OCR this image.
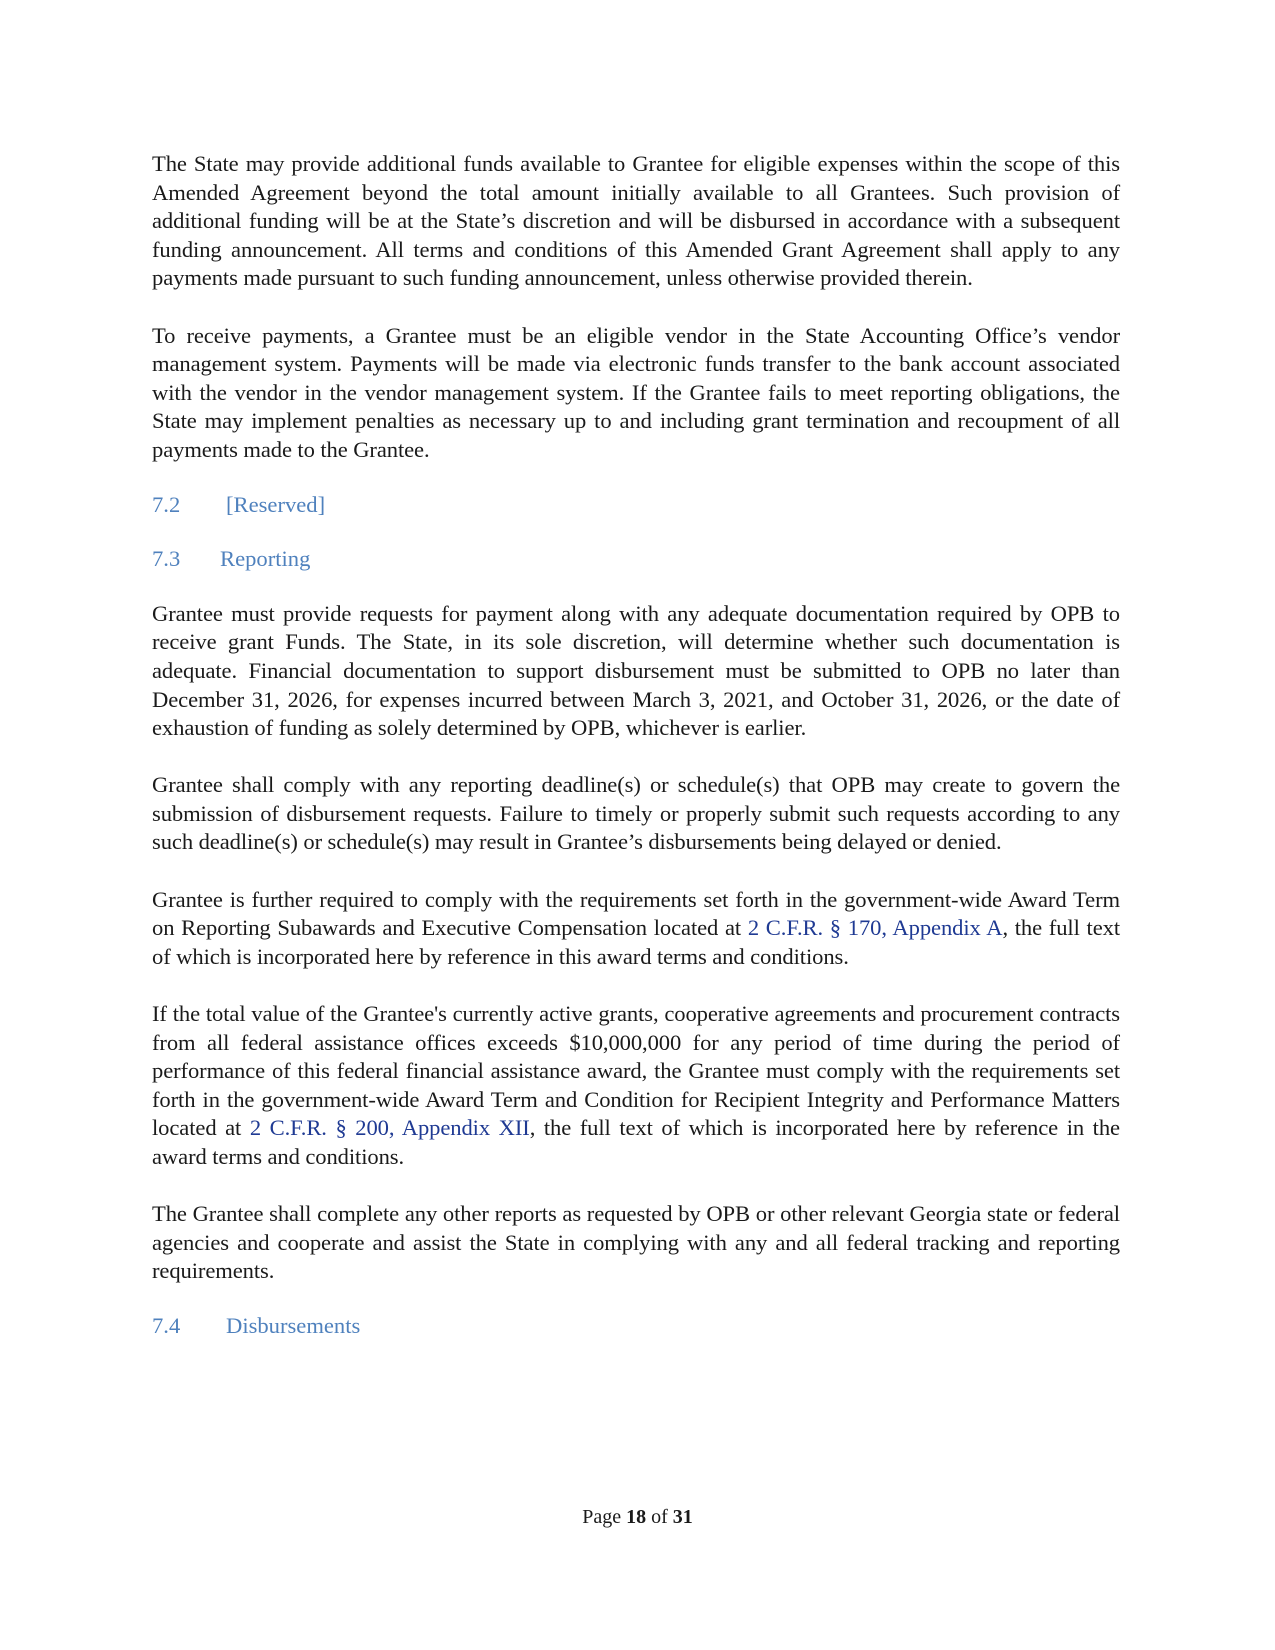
The State may provide additional funds available to Grantee for eligible expenses within the scope of this Amended Agreement beyond the total amount initially available to all Grantees. Such provision of additional funding will be at the State’s discretion and will be disbursed in accordance with a subsequent funding announcement. All terms and conditions of this Amended Grant Agreement shall apply to any payments made pursuant to such funding announcement, unless otherwise provided therein.

To receive payments, a Grantee must be an eligible vendor in the State Accounting Office’s vendor management system. Payments will be made via electronic funds transfer to the bank account associated with the vendor in the vendor management system. If the Grantee fails to meet reporting obligations, the State may implement penalties as necessary up to and including grant termination and recoupment of all payments made to the Grantee.

7.2 [Reserved]

7.3 Reporting

Grantee must provide requests for payment along with any adequate documentation required by OPB to receive grant Funds. The State, in its sole discretion, will determine whether such documentation is adequate. Financial documentation to support disbursement must be submitted to OPB no later than December 31, 2026, for expenses incurred between March 3, 2021, and October 31, 2026, or the date of exhaustion of funding as solely determined by OPB, whichever is earlier.

Grantee shall comply with any reporting deadline(s) or schedule(s) that OPB may create to govern the submission of disbursement requests. Failure to timely or properly submit such requests according to any such deadline(s) or schedule(s) may result in Grantee’s disbursements being delayed or denied.

Grantee is further required to comply with the requirements set forth in the government-wide Award Term on Reporting Subawards and Executive Compensation located at 2 C.F.R. § 170, Appendix A, the full text of which is incorporated here by reference in this award terms and conditions.

If the total value of the Grantee's currently active grants, cooperative agreements and procurement contracts from all federal assistance offices exceeds $10,000,000 for any period of time during the period of performance of this federal financial assistance award, the Grantee must comply with the requirements set forth in the government-wide Award Term and Condition for Recipient Integrity and Performance Matters located at 2 C.F.R. § 200, Appendix XII, the full text of which is incorporated here by reference in the award terms and conditions.

The Grantee shall complete any other reports as requested by OPB or other relevant Georgia state or federal agencies and cooperate and assist the State in complying with any and all federal tracking and reporting requirements.

7.4 Disbursements

Page 18 of 31
